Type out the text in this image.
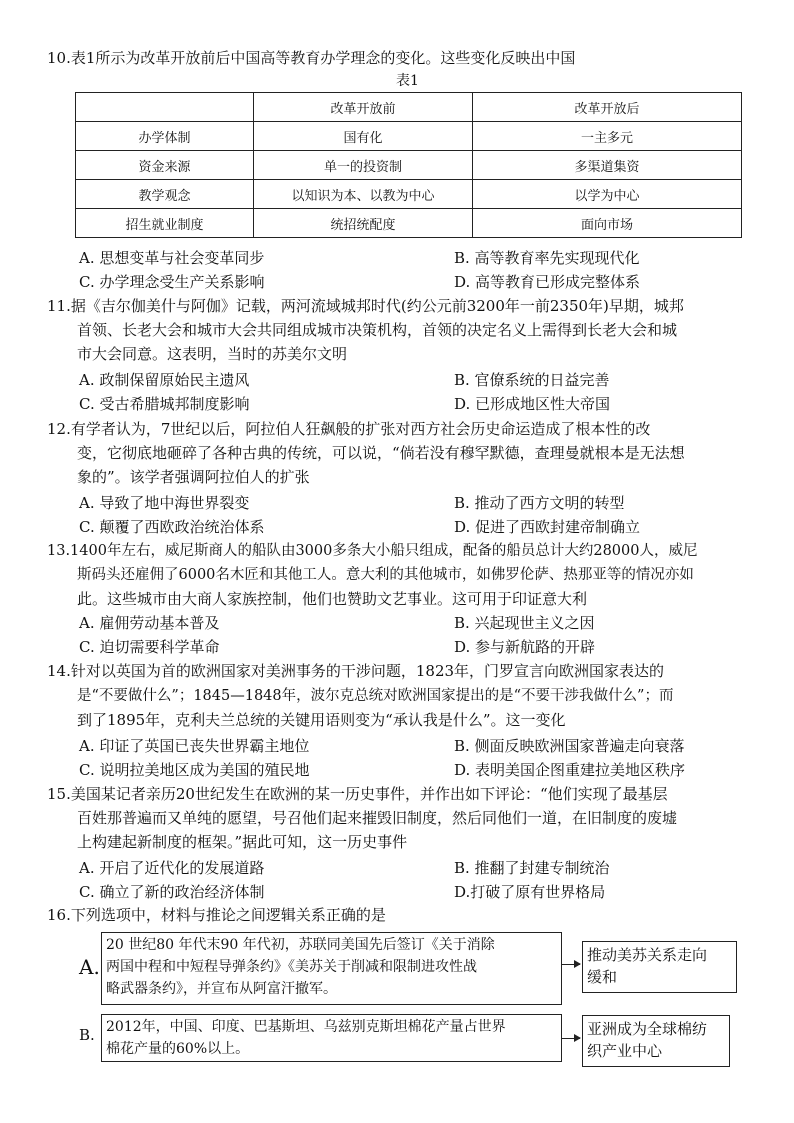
10.表1所示为改革开放前后中国高等教育办学理念的变化。这些变化反映出中国
表1
	改革开放前	改革开放后
办学体制	国有化	一主多元
资金来源	单一的投资制	多渠道集资
教学观念	以知识为本、以教为中心	以学为中心
招生就业制度	统招统配度	面向市场
A. 思想变革与社会变革同步	B. 高等教育率先实现现代化
C. 办学理念受生产关系影响	D. 高等教育已形成完整体系
11.据《吉尔伽美什与阿伽》记载，两河流域城邦时代(约公元前3200年一前2350年)早期，城邦
首领、长老大会和城市大会共同组成城市决策机构，首领的决定名义上需得到长老大会和城
市大会同意。这表明，当时的苏美尔文明
A. 政制保留原始民主遗风	B. 官僚系统的日益完善
C. 受古希腊城邦制度影响	D. 已形成地区性大帝国
12.有学者认为，7世纪以后，阿拉伯人狂飙般的扩张对西方社会历史命运造成了根本性的改
变，它彻底地砸碎了各种古典的传统，可以说，“倘若没有穆罕默德，查理曼就根本是无法想
象的”。该学者强调阿拉伯人的扩张
A. 导致了地中海世界裂变	B. 推动了西方文明的转型
C. 颠覆了西欧政治统治体系	D. 促进了西欧封建帝制确立
13.1400年左右，威尼斯商人的船队由3000多条大小船只组成，配备的船员总计大约28000人，威尼
斯码头还雇佣了6000名木匠和其他工人。意大利的其他城市，如佛罗伦萨、热那亚等的情况亦如
此。这些城市由大商人家族控制，他们也赞助文艺事业。这可用于印证意大利
A. 雇佣劳动基本普及	B. 兴起现世主义之因
C. 迫切需要科学革命	D. 参与新航路的开辟
14.针对以英国为首的欧洲国家对美洲事务的干涉问题，1823年，门罗宣言向欧洲国家表达的
是“不要做什么”；1845—1848年，波尔克总统对欧洲国家提出的是“不要干涉我做什么”；而
到了1895年，克利夫兰总统的关键用语则变为“承认我是什么”。这一变化
A. 印证了英国已丧失世界霸主地位	B. 侧面反映欧洲国家普遍走向衰落
C. 说明拉美地区成为美国的殖民地	D. 表明美国企图重建拉美地区秩序
15.美国某记者亲历20世纪发生在欧洲的某一历史事件，并作出如下评论：“他们实现了最基层
百姓那普遍而又单纯的愿望，号召他们起来摧毁旧制度，然后同他们一道，在旧制度的废墟
上构建起新制度的框架。”据此可知，这一历史事件
A. 开启了近代化的发展道路	B. 推翻了封建专制统治
C. 确立了新的政治经济体制	D.打破了原有世界格局
16.下列选项中，材料与推论之间逻辑关系正确的是
A.
20 世纪80 年代末90 年代初，苏联同美国先后签订《关于消除
两国中程和中短程导弹条约》《美苏关于削减和限制进攻性战
略武器条约》，并宣布从阿富汗撤军。
推动美苏关系走向
缓和
B. 2012年，中国、印度、巴基斯坦、乌兹别克斯坦棉花产量占世界
棉花产量的60%以上。
亚洲成为全球棉纺
织产业中心
